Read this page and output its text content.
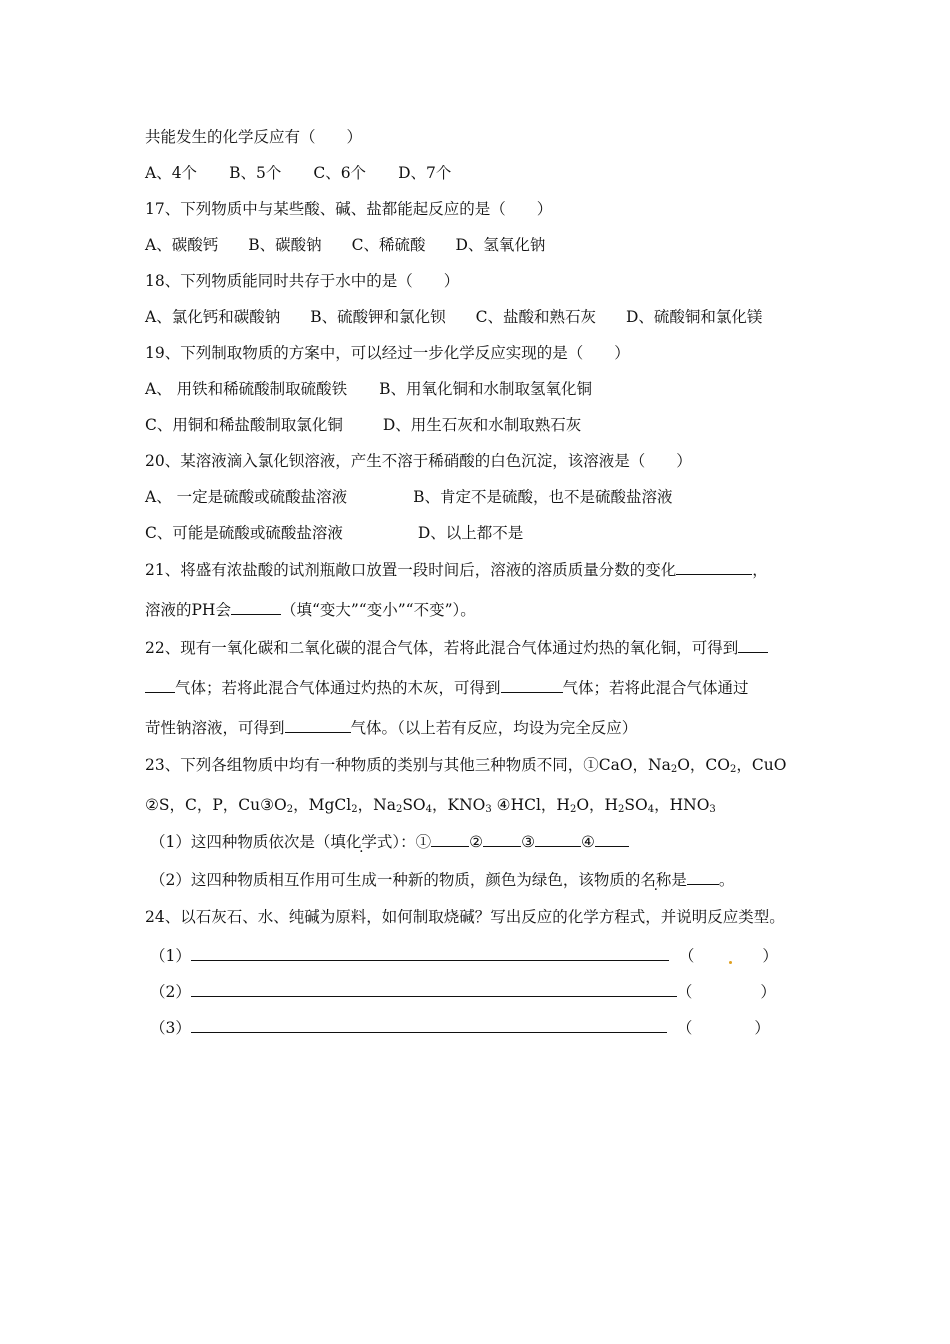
共能发生的化学反应有（　　）
A、4个 B、5个 C、6个 D、7个
17、下列物质中与某些酸、碱、盐都能起反应的是（　　）
A、碳酸钙 B、碳酸钠 C、稀硫酸 D、氢氧化钠
18、下列物质能同时共存于水中的是（　　）
A、氯化钙和碳酸钠 B、硫酸钾和氯化钡 C、盐酸和熟石灰 D、硫酸铜和氯化镁
19、下列制取物质的方案中，可以经过一步化学反应实现的是（　　）
A、 用铁和稀硫酸制取硫酸铁 B、用氧化铜和水制取氢氧化铜
C、用铜和稀盐酸制取氯化铜	D、用生石灰和水制取熟石灰
20、某溶液滴入氯化钡溶液，产生不溶于稀硝酸的白色沉淀，该溶液是（　　）
A、 一定是硫酸或硫酸盐溶液	B、肯定不是硫酸，也不是硫酸盐溶液
C、可能是硫酸或硫酸盐溶液	D、以上都不是
21、将盛有浓盐酸的试剂瓶敞口放置一段时间后，溶液的溶质质量分数的变化	，
溶液的PH会	（填“变大”“变小”“不变”）。
22、现有一氧化碳和二氧化碳的混合气体，若将此混合气体通过灼热的氧化铜，可得到
气体；若将此混合气体通过灼热的木灰，可得到	气体；若将此混合气体通过
苛性钠溶液，可得到	气体。（以上若有反应，均设为完全反应）
23、下列各组物质中均有一种物质的类别与其他三种物质不同，①CaO，$Na_2O$，$CO_2$，CuO
②S，C，P，$Cu③O_2$，MgCl$_2$，$Na_2SO_4$，$KNO_3$ ④HCl，$H_2O$，$H_2SO_4$，$HNO_3$
（1）这四种物质依次是（填化学式）：① ② ③	④
（2）这四种物质相互作用可生成一种新的物质，颜色为绿色，该物质的名称是 。
24、以石灰石、水、纯碱为原料，如何制取烧碱？写出反应的化学方程式，并说明反应类型。
（1）	（	）
（2）	（	）
（3）	（	）
